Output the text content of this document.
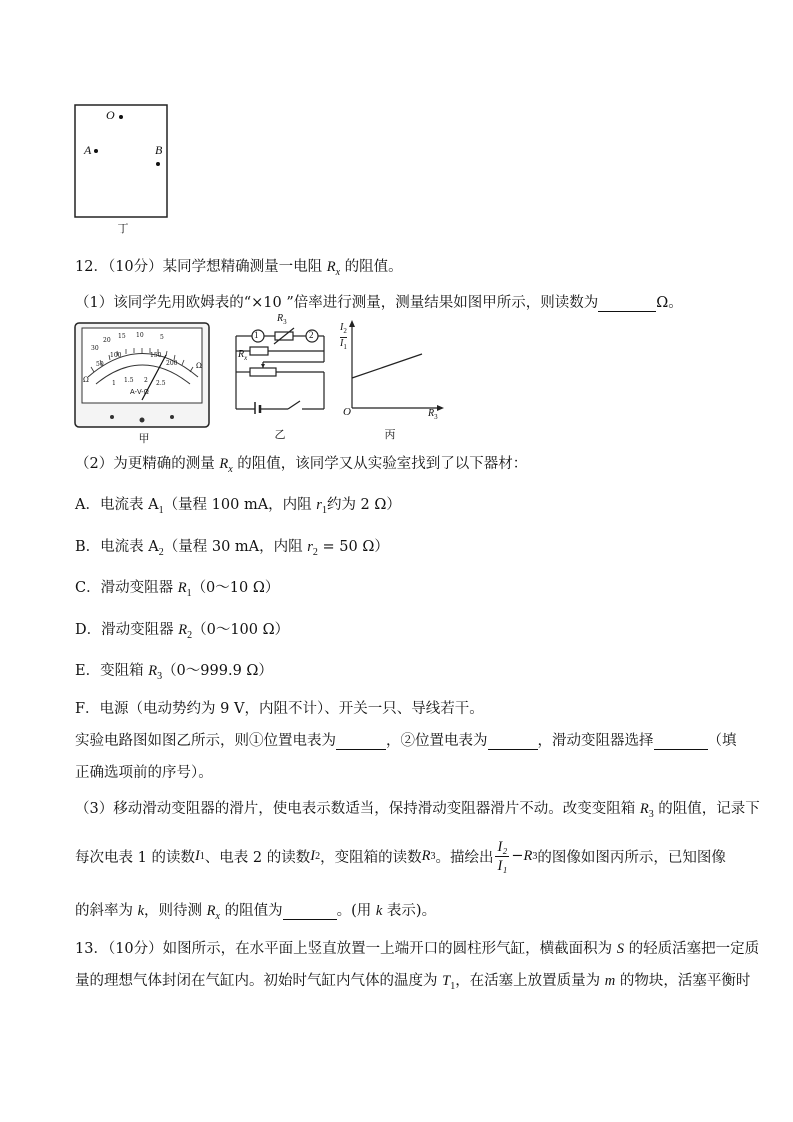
O
A	B
丁
12．（10分）某同学想精确测量一电阻 $R_x$ 的阻值。
（1）该同学先用欧姆表的“×10 ”倍率进行测量，测量结果如图甲所示，则读数为	Ω。
30
20
15 10	5
50
100	150
200
1 1.5 2 2.5
A-V-Ω
Ω
Ω
甲
1	2
$R_3$
$R_x$
乙
$I_2$
$I_1$
O	$R_3$
丙
（2）为更精确的测量 $R_x$ 的阻值，该同学又从实验室找到了以下器材：
A．电流表 $A_1$（量程 100 mA，内阻 $r_1$约为 2 Ω）
B．电流表 $A_2$（量程 30 mA，内阻 $r_2 = 50$ Ω）
C．滑动变阻器 $R_1(0\sim 10$ Ω）
D．滑动变阻器 $R_2(0\sim 100$ Ω）
E．变阻箱 $R_3(0\sim 999.9$ Ω）
F．电源（电动势约为 9 V，内阻不计）、开关一只、导线若干。
实验电路图如图乙所示，则①位置电表为	，②位置电表为	，滑动变阻器选择	（填
正确选项前的序号）。
（3）移动滑动变阻器的滑片，使电表示数适当，保持滑动变阻器滑片不动。改变变阻箱 $R_3$ 的阻值，记录下
每次电表 1 的读数 I 1 、电表 2 的读数 I 2 ，变阻箱的读数 R 3 。描绘出 $\frac{\text{I₂}}{\text{I₁}} - R$ 3 的图像如图丙所示，已知图像
的斜率为 k，则待测 $R_x$ 的阻值为	。(用 k 表示)。
13．（10分）如图所示，在水平面上竖直放置一上端开口的圆柱形气缸，横截面积为 S 的轻质活塞把一定质
量的理想气体封闭在气缸内。初始时气缸内气体的温度为 $T_1$，在活塞上放置质量为 m 的物块，活塞平衡时
